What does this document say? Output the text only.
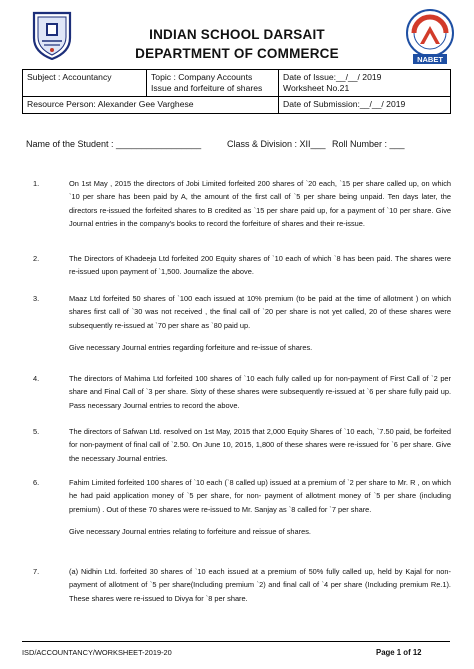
NABET
INDIAN SCHOOL DARSAIT
DEPARTMENT OF COMMERCE
Subject : Accountancy	Topic : Company Accounts Issue and forfeiture of shares	Date of Issue:__/__/ 2019
Worksheet No.21

Resource Person: Alexander Gee Varghese		Date of Submission:__/__/ 2019
Name of the Student : _________________	Class & Division : XII___ Roll Number : ___
1.	On 1st May , 2015 the directors of Jobi Limited forfeited 200 shares of `20 each, `15 per share called up, on which `10 per share has been paid by A, the amount of the first call of `5 per share being unpaid. Ten days later, the directors re-issued the forfeited shares to B credited as `15 per share paid up, for a payment of `10 per share. Give Journal entries in the company's books to record the forfeiture of shares and their re-issue.

2.	The Directors of Khadeeja Ltd forfeited 200 Equity shares of `10 each of which `8 has been paid. The shares were re-issued upon payment of `1,500. Journalize the above.

3.	Maaz Ltd forfeited 50 shares of `100 each issued at 10% premium (to be paid at the time of allotment ) on which shares first call of `30 was not received , the final call of `20 per share is not yet called, 20 of these shares were subsequently re-issued at `70 per share as `80 paid up.

Give necessary Journal entries regarding forfeiture and re-issue of shares.

4.	The directors of Mahima Ltd forfeited 100 shares of `10 each fully called up for non-payment of First Call of `2 per share and Final Call of `3 per share. Sixty of these shares were subsequently re-issued at `6 per share fully paid up. Pass necessary Journal entries to record the above.

5.	The directors of Safwan Ltd. resolved on 1st May, 2015 that 2,000 Equity Shares of `10 each, `7.50 paid, be forfeited for non-payment of final call of `2.50. On June 10, 2015, 1,800 of these shares were re-issued for `6 per share. Give the necessary Journal entries.

6.	Fahim Limited forfeited 100 shares of `10 each (`8 called up) issued at a premium of `2 per share to Mr. R , on which he had paid application money of `5 per share, for non- payment of allotment money of `5 per share (including premium) . Out of these 70 shares were re-issued to Mr. Sanjay as `8 called for `7 per share.

Give necessary Journal entries relating to forfeiture and reissue of shares.

7.	(a) Nidhin Ltd. forfeited 30 shares of `10 each issued at a premium of 50% fully called up, held by Kajal for non-payment of allotment of `5 per share(Including premium `2) and final call of `4 per share (Including premium Re.1). These shares were re-issued to Divya for `8 per share.

ISD/ACCOUNTANCY/WORKSHEET-2019-20	Page 1 of 12
